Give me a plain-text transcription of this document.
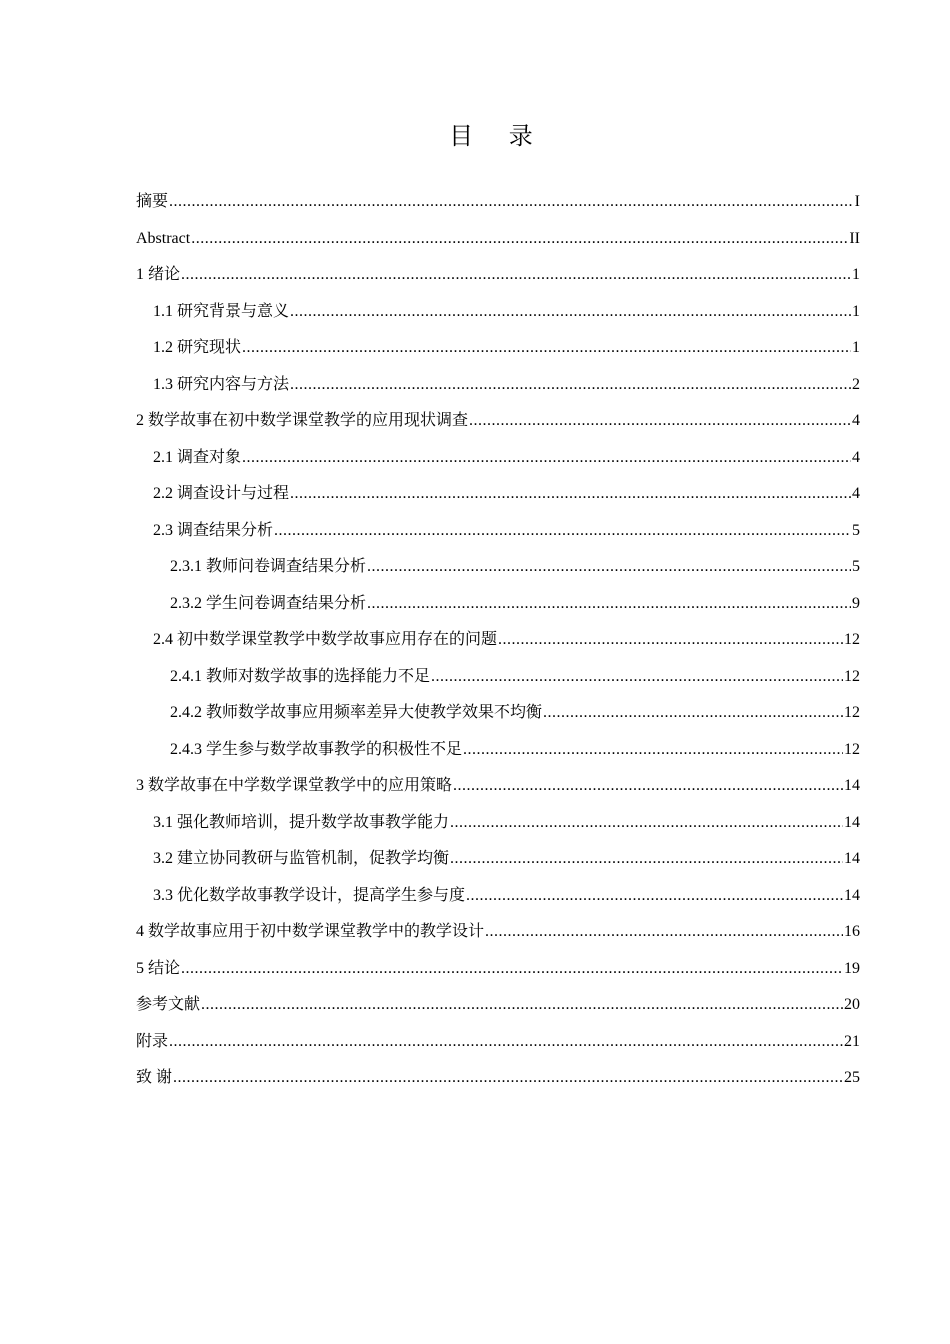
目 录
摘要 .....	I
Abstract .....	II
1 绪论 .....	1
1.1 研究背景与意义 .....	1
1.2 研究现状 .....	1
1.3 研究内容与方法 .....	2
2 数学故事在初中数学课堂教学的应用现状调查 .....	4
2.1 调查对象 .....	4
2.2 调查设计与过程 .....	4
2.3 调查结果分析 .....	5
2.3.1 教师问卷调查结果分析 .....	5
2.3.2 学生问卷调查结果分析 .....	9
2.4 初中数学课堂教学中数学故事应用存在的问题 .....	12
2.4.1 教师对数学故事的选择能力不足 .....	12
2.4.2 教师数学故事应用频率差异大使教学效果不均衡 .....	12
2.4.3 学生参与数学故事教学的积极性不足 .....	12
3 数学故事在中学数学课堂教学中的应用策略 .....	14
3.1 强化教师培训，提升数学故事教学能力 .....	14
3.2 建立协同教研与监管机制，促教学均衡 .....	14
3.3 优化数学故事教学设计，提高学生参与度 .....	14
4 数学故事应用于初中数学课堂教学中的教学设计 .....	16
5 结论 .....	19
参考文献 .....	20
附录 .....	21
致 谢 .....	25
